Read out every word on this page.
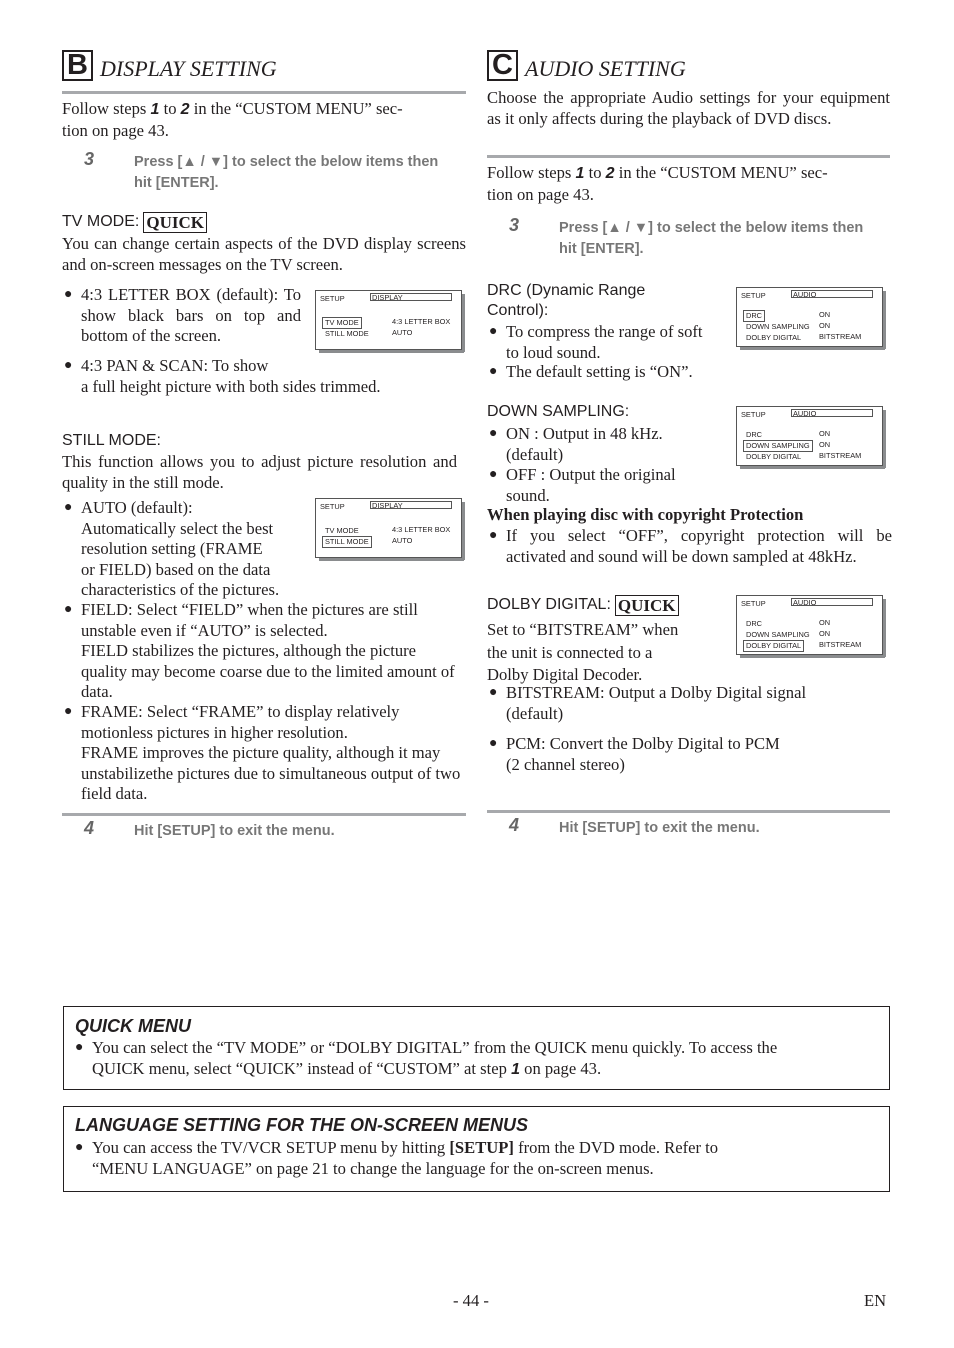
B DISPLAY SETTING
Follow steps 1 to 2 in the “CUSTOM MENU” sec-
tion on page 43.
3	Press [▲ / ▼] to select the below items then
hit [ENTER].
TV MODE: QUICK
You can change certain aspects of the DVD display screens and on-screen messages on the TV screen.
● 4:3 LETTER BOX (default): To show black bars on top and bottom of the screen.
SETUP	DISPLAY
TV MODE	4:3 LETTER BOX
STILL MODE	AUTO
● 4:3 PAN & SCAN: To show
a full height picture with both sides trimmed.
STILL MODE:
This function allows you to adjust picture resolution and quality in the still mode.
● AUTO (default):
Automatically select the best
resolution setting (FRAME
or FIELD) based on the data
characteristics of the pictures.
SETUP	DISPLAY
TV MODE	4:3 LETTER BOX
STILL MODE	AUTO
● FIELD: Select “FIELD” when the pictures are still unstable even if “AUTO” is selected.
FIELD stabilizes the pictures, although the picture quality may become coarse due to the limited amount of data.
● FRAME: Select “FRAME” to display relatively motionless pictures in higher resolution.
FRAME improves the picture quality, although it may unstabilizethe pictures due to simultaneous output of two field data.
4	Hit [SETUP] to exit the menu.
C AUDIO SETTING
Choose the appropriate Audio settings for your equipment as it only affects during the playback of DVD discs.
Follow steps 1 to 2 in the “CUSTOM MENU” sec-
tion on page 43.
3	Press [▲ / ▼] to select the below items then
hit [ENTER].
DRC (Dynamic Range
Control):
● To compress the range of soft
to loud sound.
● The default setting is “ON”.
SETUP	AUDIO
DRC	ON
DOWN SAMPLING ON
DOLBY DIGITAL BITSTREAM
DOWN SAMPLING:
● ON : Output in 48 kHz.
(default)
● OFF : Output the original
sound.
SETUP	AUDIO
DRC	ON
DOWN SAMPLING ON
DOLBY DIGITAL BITSTREAM
When playing disc with copyright Protection
● If you select “OFF”, copyright protection will be activated and sound will be down sampled at 48kHz.
DOLBY DIGITAL: QUICK
Set to “BITSTREAM” when
the unit is connected to a
Dolby Digital Decoder.
SETUP	AUDIO
DRC	ON
DOWN SAMPLING ON
DOLBY DIGITAL BITSTREAM
● BITSTREAM: Output a Dolby Digital signal
(default)
● PCM: Convert the Dolby Digital to PCM
(2 channel stereo)
4	Hit [SETUP] to exit the menu.
QUICK MENU
● You can select the “TV MODE” or “DOLBY DIGITAL” from the QUICK menu quickly. To access the
QUICK menu, select “QUICK” instead of “CUSTOM” at step 1 on page 43.
LANGUAGE SETTING FOR THE ON-SCREEN MENUS
● You can access the TV/VCR SETUP menu by hitting [SETUP] from the DVD mode. Refer to
“MENU LANGUAGE” on page 21 to change the language for the on-screen menus.
- 44 -	EN
